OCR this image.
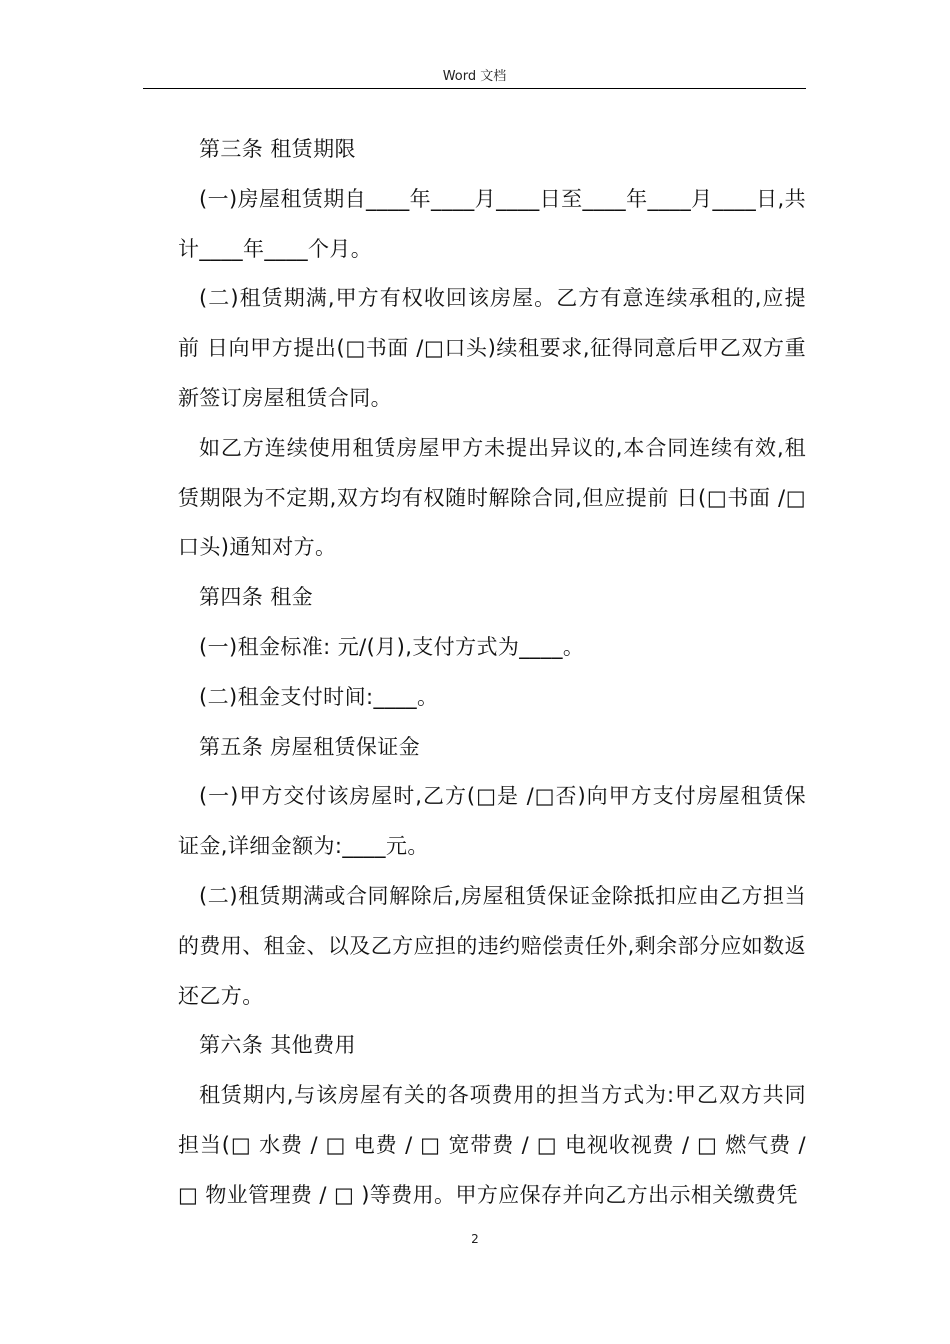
Word 文档

第三条 租赁期限

(一)房屋租赁期自____年____月____日至____年____月____日,共计____年____个月。

(二)租赁期满,甲方有权收回该房屋。乙方有意连续承租的,应提前 日向甲方提出(□书面 /□口头)续租要求,征得同意后甲乙双方重新签订房屋租赁合同。

如乙方连续使用租赁房屋甲方未提出异议的,本合同连续有效,租赁期限为不定期,双方均有权随时解除合同,但应提前 日(□书面 /□口头)通知对方。

第四条 租金

(一)租金标准: 元/(月),支付方式为____。

(二)租金支付时间:____。

第五条 房屋租赁保证金

(一)甲方交付该房屋时,乙方(□是 /□否)向甲方支付房屋租赁保证金,详细金额为:____元。

(二)租赁期满或合同解除后,房屋租赁保证金除抵扣应由乙方担当的费用、租金、以及乙方应担的违约赔偿责任外,剩余部分应如数返还乙方。

第六条 其他费用

租赁期内,与该房屋有关的各项费用的担当方式为:甲乙双方共同担当(□ 水费 / □ 电费 / □ 宽带费 / □ 电视收视费 / □ 燃气费 / □ 物业管理费 / □ )等费用。甲方应保存并向乙方出示相关缴费凭

2
